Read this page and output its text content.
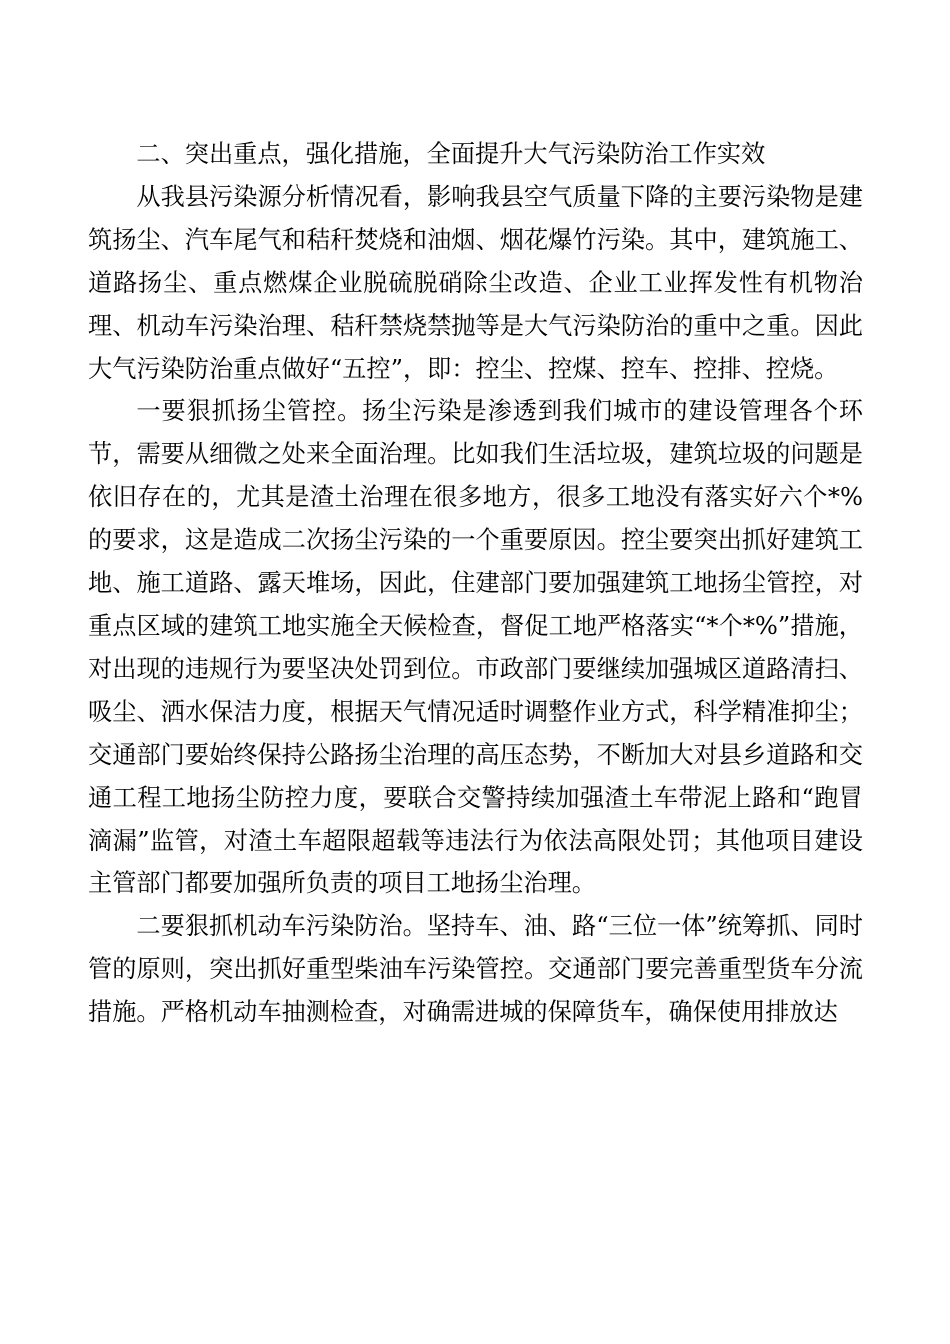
二、突出重点，强化措施，全面提升大气污染防治工作实效

从我县污染源分析情况看，影响我县空气质量下降的主要污染物是建筑扬尘、汽车尾气和秸秆焚烧和油烟、烟花爆竹污染。其中，建筑施工、道路扬尘、重点燃煤企业脱硫脱硝除尘改造、企业工业挥发性有机物治理、机动车污染治理、秸秆禁烧禁抛等是大气污染防治的重中之重。因此大气污染防治重点做好“五控”，即：控尘、控煤、控车、控排、控烧。

一要狠抓扬尘管控。扬尘污染是渗透到我们城市的建设管理各个环节，需要从细微之处来全面治理。比如我们生活垃圾，建筑垃圾的问题是依旧存在的，尤其是渣土治理在很多地方，很多工地没有落实好六个*%的要求，这是造成二次扬尘污染的一个重要原因。控尘要突出抓好建筑工地、施工道路、露天堆场，因此，住建部门要加强建筑工地扬尘管控，对重点区域的建筑工地实施全天候检查，督促工地严格落实“*个*%”措施，对出现的违规行为要坚决处罚到位。市政部门要继续加强城区道路清扫、吸尘、洒水保洁力度，根据天气情况适时调整作业方式，科学精准抑尘；交通部门要始终保持公路扬尘治理的高压态势，不断加大对县乡道路和交通工程工地扬尘防控力度，要联合交警持续加强渣土车带泥上路和“跑冒滴漏”监管，对渣土车超限超载等违法行为依法高限处罚；其他项目建设主管部门都要加强所负责的项目工地扬尘治理。

二要狠抓机动车污染防治。坚持车、油、路“三位一体”统筹抓、同时管的原则，突出抓好重型柴油车污染管控。交通部门要完善重型货车分流措施。严格机动车抽测检查，对确需进城的保障货车，确保使用排放达
